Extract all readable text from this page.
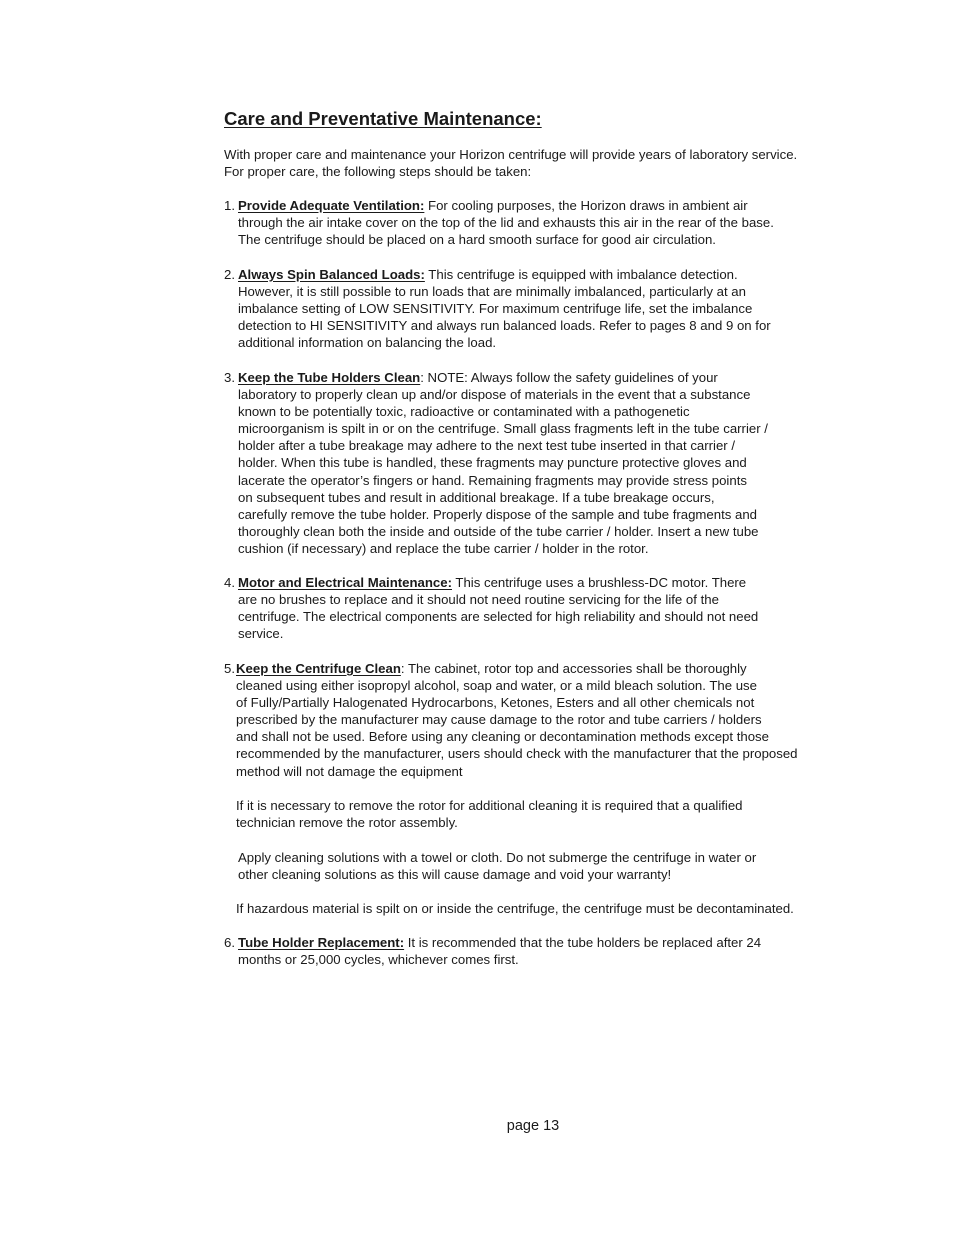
Care and Preventative Maintenance:
With proper care and maintenance your Horizon centrifuge will provide years of laboratory service.
For proper care, the following steps should be taken:
1. Provide Adequate Ventilation: For cooling purposes, the Horizon draws in ambient air
through the air intake cover on the top of the lid and exhausts this air in the rear of the base.
The centrifuge should be placed on a hard smooth surface for good air circulation.
2. Always Spin Balanced Loads: This centrifuge is equipped with imbalance detection.
However, it is still possible to run loads that are minimally imbalanced, particularly at an
imbalance setting of LOW SENSITIVITY. For maximum centrifuge life, set the imbalance
detection to HI SENSITIVITY and always run balanced loads. Refer to pages 8 and 9 on for
additional information on balancing the load.
3. Keep the Tube Holders Clean: NOTE: Always follow the safety guidelines of your
laboratory to properly clean up and/or dispose of materials in the event that a substance
known to be potentially toxic, radioactive or contaminated with a pathogenetic
microorganism is spilt in or on the centrifuge. Small glass fragments left in the tube carrier /
holder after a tube breakage may adhere to the next test tube inserted in that carrier /
holder. When this tube is handled, these fragments may puncture protective gloves and
lacerate the operator’s fingers or hand. Remaining fragments may provide stress points
on subsequent tubes and result in additional breakage. If a tube breakage occurs,
carefully remove the tube holder. Properly dispose of the sample and tube fragments and
thoroughly clean both the inside and outside of the tube carrier / holder. Insert a new tube
cushion (if necessary) and replace the tube carrier / holder in the rotor.
4. Motor and Electrical Maintenance: This centrifuge uses a brushless-DC motor. There
are no brushes to replace and it should not need routine servicing for the life of the
centrifuge. The electrical components are selected for high reliability and should not need
service.
5.Keep the Centrifuge Clean: The cabinet, rotor top and accessories shall be thoroughly
cleaned using either isopropyl alcohol, soap and water, or a mild bleach solution. The use
of Fully/Partially Halogenated Hydrocarbons, Ketones, Esters and all other chemicals not
prescribed by the manufacturer may cause damage to the rotor and tube carriers / holders
and shall not be used. Before using any cleaning or decontamination methods except those
recommended by the manufacturer, users should check with the manufacturer that the proposed
method will not damage the equipment
If it is necessary to remove the rotor for additional cleaning it is required that a qualified
technician remove the rotor assembly.
Apply cleaning solutions with a towel or cloth. Do not submerge the centrifuge in water or
other cleaning solutions as this will cause damage and void your warranty!
If hazardous material is spilt on or inside the centrifuge, the centrifuge must be decontaminated.
6. Tube Holder Replacement: It is recommended that the tube holders be replaced after 24
months or 25,000 cycles, whichever comes first.
page 13
